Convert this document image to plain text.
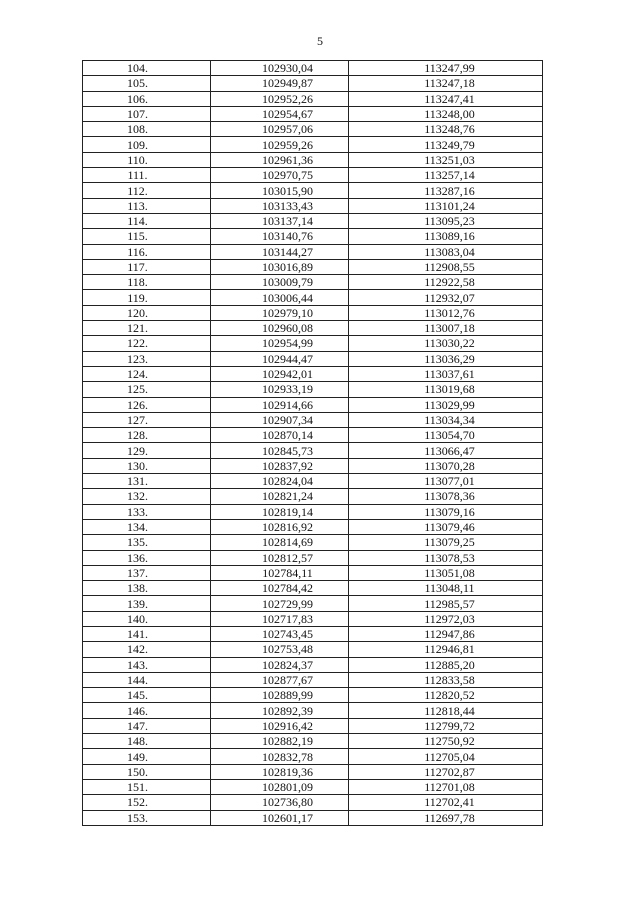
5
104.	102930,04	113247,99
105.	102949,87	113247,18
106.	102952,26	113247,41
107.	102954,67	113248,00
108.	102957,06	113248,76
109.	102959,26	113249,79
110.	102961,36	113251,03
111.	102970,75	113257,14
112.	103015,90	113287,16
113.	103133,43	113101,24
114.	103137,14	113095,23
115.	103140,76	113089,16
116.	103144,27	113083,04
117.	103016,89	112908,55
118.	103009,79	112922,58
119.	103006,44	112932,07
120.	102979,10	113012,76
121.	102960,08	113007,18
122.	102954,99	113030,22
123.	102944,47	113036,29
124.	102942,01	113037,61
125.	102933,19	113019,68
126.	102914,66	113029,99
127.	102907,34	113034,34
128.	102870,14	113054,70
129.	102845,73	113066,47
130.	102837,92	113070,28
131.	102824,04	113077,01
132.	102821,24	113078,36
133.	102819,14	113079,16
134.	102816,92	113079,46
135.	102814,69	113079,25
136.	102812,57	113078,53
137.	102784,11	113051,08
138.	102784,42	113048,11
139.	102729,99	112985,57
140.	102717,83	112972,03
141.	102743,45	112947,86
142.	102753,48	112946,81
143.	102824,37	112885,20
144.	102877,67	112833,58
145.	102889,99	112820,52
146.	102892,39	112818,44
147.	102916,42	112799,72
148.	102882,19	112750,92
149.	102832,78	112705,04
150.	102819,36	112702,87
151.	102801,09	112701,08
152.	102736,80	112702,41
153.	102601,17	112697,78
